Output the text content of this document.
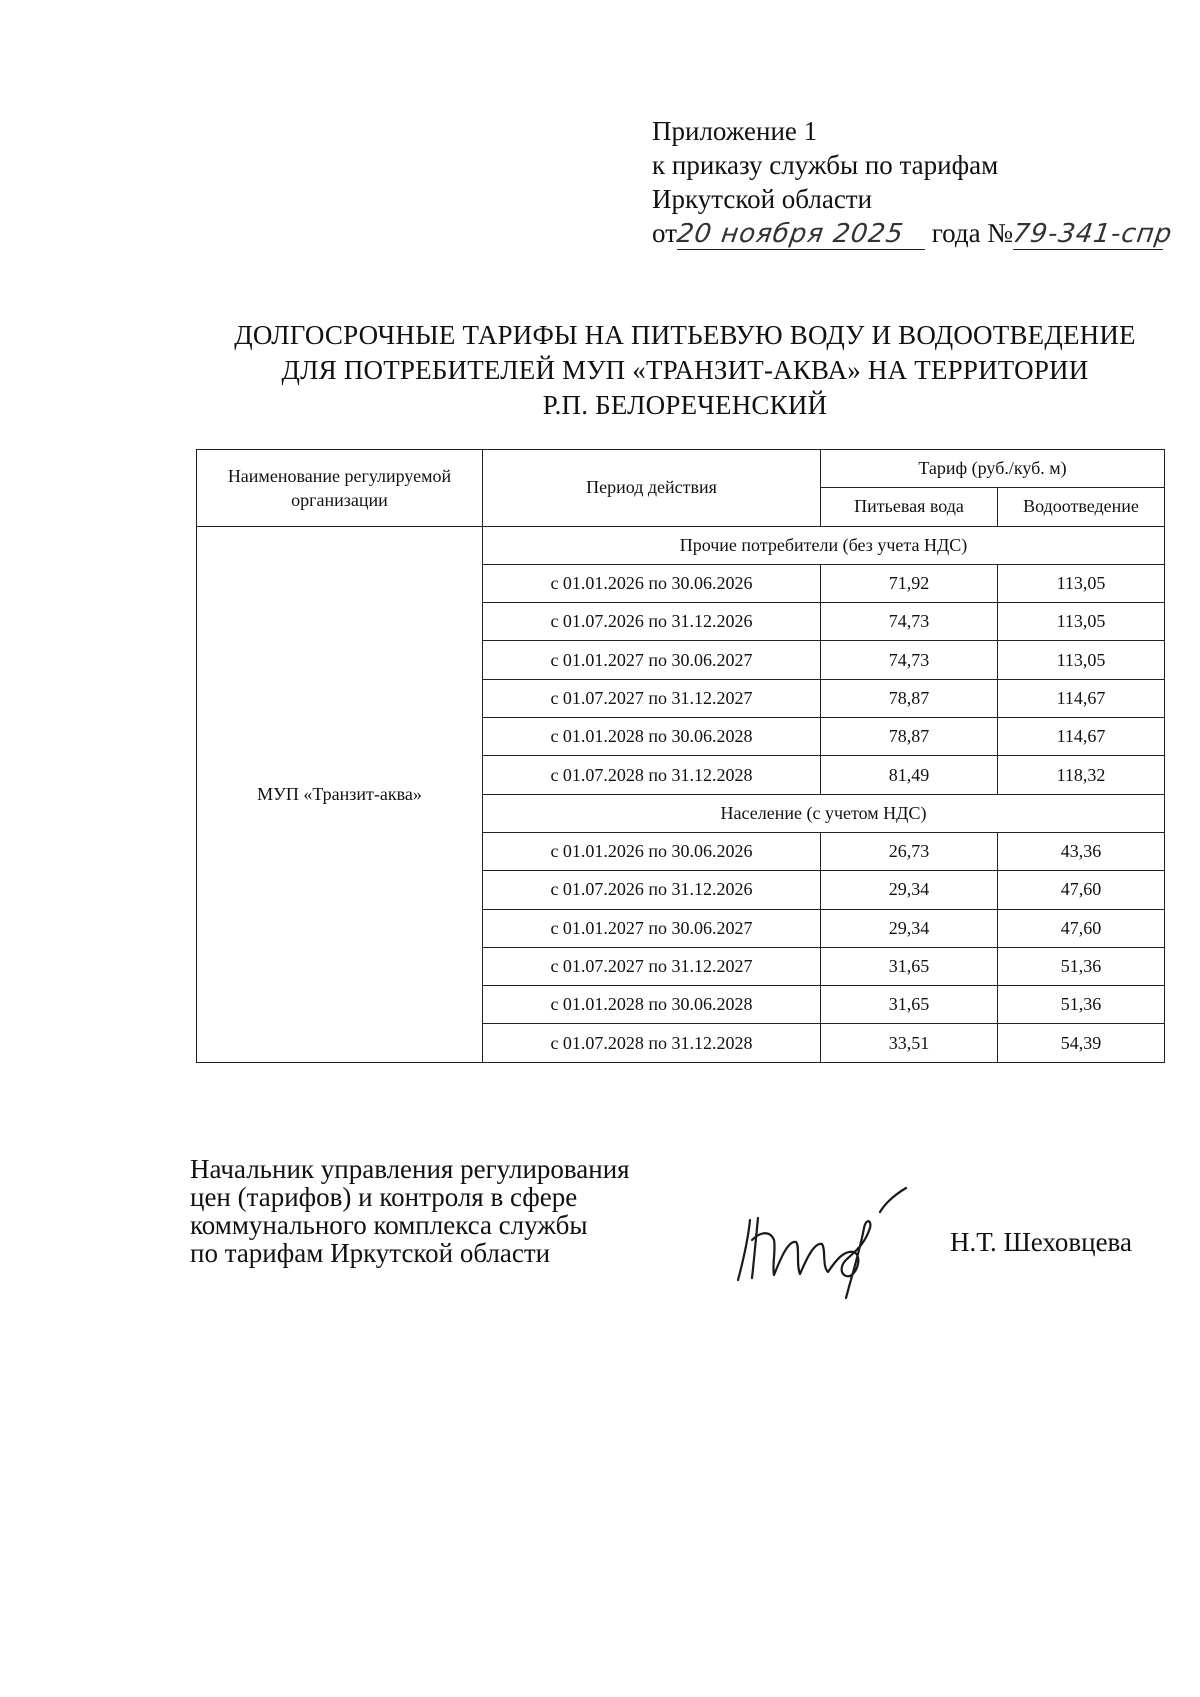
Приложение 1
к приказу службы по тарифам
Иркутской области
от20 ноября 2025 года №79-341-спр
ДОЛГОСРОЧНЫЕ ТАРИФЫ НА ПИТЬЕВУЮ ВОДУ И ВОДООТВЕДЕНИЕ
ДЛЯ ПОТРЕБИТЕЛЕЙ МУП «ТРАНЗИТ-АКВА» НА ТЕРРИТОРИИ
Р.П. БЕЛОРЕЧЕНСКИЙ
Наименование регулируемой организации	Период действия	Тариф (руб./куб. м)	
		Питьевая вода	Водоотведение
МУП «Транзит-аква»	Прочие потребители (без учета НДС)		
	с 01.01.2026 по 30.06.2026	71,92	113,05
	с 01.07.2026 по 31.12.2026	74,73	113,05
	с 01.01.2027 по 30.06.2027	74,73	113,05
	с 01.07.2027 по 31.12.2027	78,87	114,67
	с 01.01.2028 по 30.06.2028	78,87	114,67
	с 01.07.2028 по 31.12.2028	81,49	118,32
	Население (с учетом НДС)		
	с 01.01.2026 по 30.06.2026	26,73	43,36
	с 01.07.2026 по 31.12.2026	29,34	47,60
	с 01.01.2027 по 30.06.2027	29,34	47,60
	с 01.07.2027 по 31.12.2027	31,65	51,36
	с 01.01.2028 по 30.06.2028	31,65	51,36
	с 01.07.2028 по 31.12.2028	33,51	54,39
Начальник управления регулирования
цен (тарифов) и контроля в сфере
коммунального комплекса службы
по тарифам Иркутской области	Н.Т. Шеховцева
